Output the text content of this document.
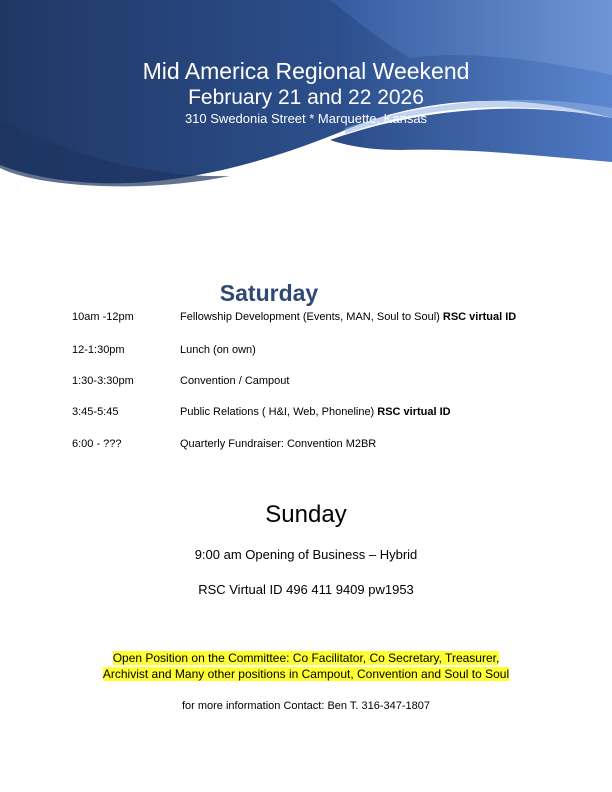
Mid America Regional Weekend
February 21 and 22 2026
310 Swedonia Street * Marquette, Kansas
Saturday
10am -12pm	Fellowship Development (Events, MAN, Soul to Soul) RSC virtual ID
12-1:30pm	Lunch (on own)
1:30-3:30pm	Convention / Campout
3:45-5:45	Public Relations ( H&I, Web, Phoneline) RSC virtual ID
6:00 - ???	Quarterly Fundraiser: Convention M2BR
Sunday
9:00 am Opening of Business – Hybrid
RSC Virtual ID 496 411 9409 pw1953
Open Position on the Committee: Co Facilitator, Co Secretary, Treasurer,
Archivist and Many other positions in Campout, Convention and Soul to Soul
for more information Contact: Ben T. 316-347-1807
